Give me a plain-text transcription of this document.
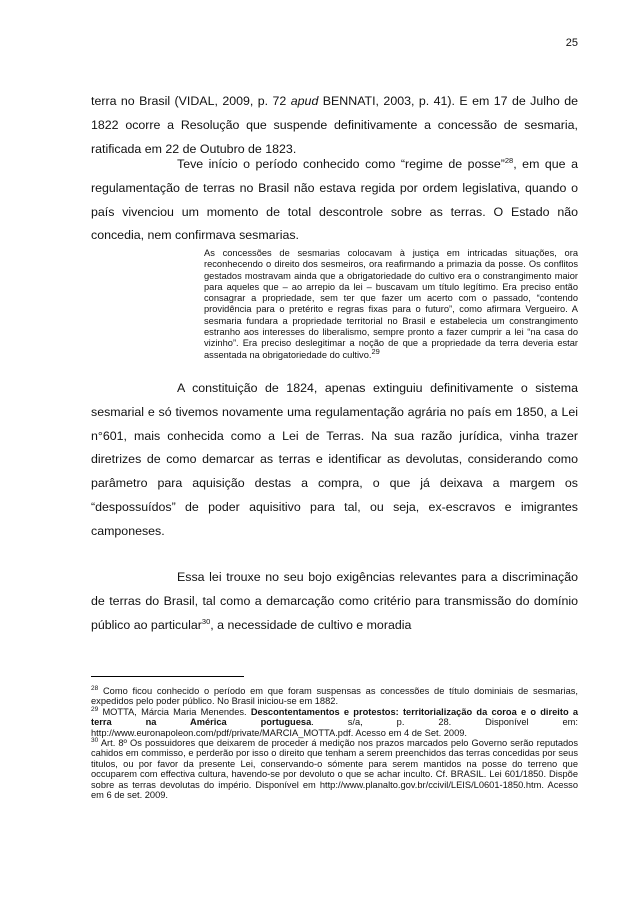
25

terra no Brasil (VIDAL, 2009, p. 72 apud BENNATI, 2003, p. 41). E em 17 de Julho de 1822 ocorre a Resolução que suspende definitivamente a concessão de sesmaria, ratificada em 22 de Outubro de 1823.

Teve início o período conhecido como “regime de posse”$^{28}$, em que a regulamentação de terras no Brasil não estava regida por ordem legislativa, quando o país vivenciou um momento de total descontrole sobre as terras. O Estado não concedia, nem confirmava sesmarias.

As concessões de sesmarias colocavam à justiça em intricadas situações, ora reconhecendo o direito dos sesmeiros, ora reafirmando a primazia da posse. Os conflitos gestados mostravam ainda que a obrigatoriedade do cultivo era o constrangimento maior para aqueles que – ao arrepio da lei – buscavam um título legítimo. Era preciso então consagrar a propriedade, sem ter que fazer um acerto com o passado, “contendo providência para o pretérito e regras fixas para o futuro”, como afirmara Vergueiro. A sesmaria fundara a propriedade territorial no Brasil e estabelecia um constrangimento estranho aos interesses do liberalismo, sempre pronto a fazer cumprir a lei “na casa do vizinho”. Era preciso deslegitimar a noção de que a propriedade da terra deveria estar assentada na obrigatoriedade do cultivo.$^{29}$

A constituição de 1824, apenas extinguiu definitivamente o sistema sesmarial e só tivemos novamente uma regulamentação agrária no país em 1850, a Lei n°601, mais conhecida como a Lei de Terras. Na sua razão jurídica, vinha trazer diretrizes de como demarcar as terras e identificar as devolutas, considerando como parâmetro para aquisição destas a compra, o que já deixava a margem os “despossuídos” de poder aquisitivo para tal, ou seja, ex-escravos e imigrantes camponeses.

Essa lei trouxe no seu bojo exigências relevantes para a discriminação de terras do Brasil, tal como a demarcação como critério para transmissão do domínio público ao particular$^{30}$, a necessidade de cultivo e moradia

$^{28}$ Como ficou conhecido o período em que foram suspensas as concessões de título dominiais de sesmarias, expedidos pelo poder público. No Brasil iniciou-se em 1882.

$^{29}$ MOTTA, Márcia Maria Menendes. Descontentamentos e protestos: territorialização da coroa e o direito a terra na América portuguesa. s/a, p. 28. Disponível em: http://www.euronapoleon.com/pdf/private/MARCIA_MOTTA.pdf. Acesso em 4 de Set. 2009.

$^{30}$ Art. 8º Os possuidores que deixarem de proceder á medição nos prazos marcados pelo Governo serão reputados cahidos em commisso, e perderão por isso o direito que tenham a serem preenchidos das terras concedidas por seus titulos, ou por favor da presente Lei, conservando-o sómente para serem mantidos na posse do terreno que occuparem com effectiva cultura, havendo-se por devoluto o que se achar inculto. Cf. BRASIL. Lei 601/1850. Dispõe sobre as terras devolutas do império. Disponível em http://www.planalto.gov.br/ccivil/LEIS/L0601-1850.htm. Acesso em 6 de set. 2009.
